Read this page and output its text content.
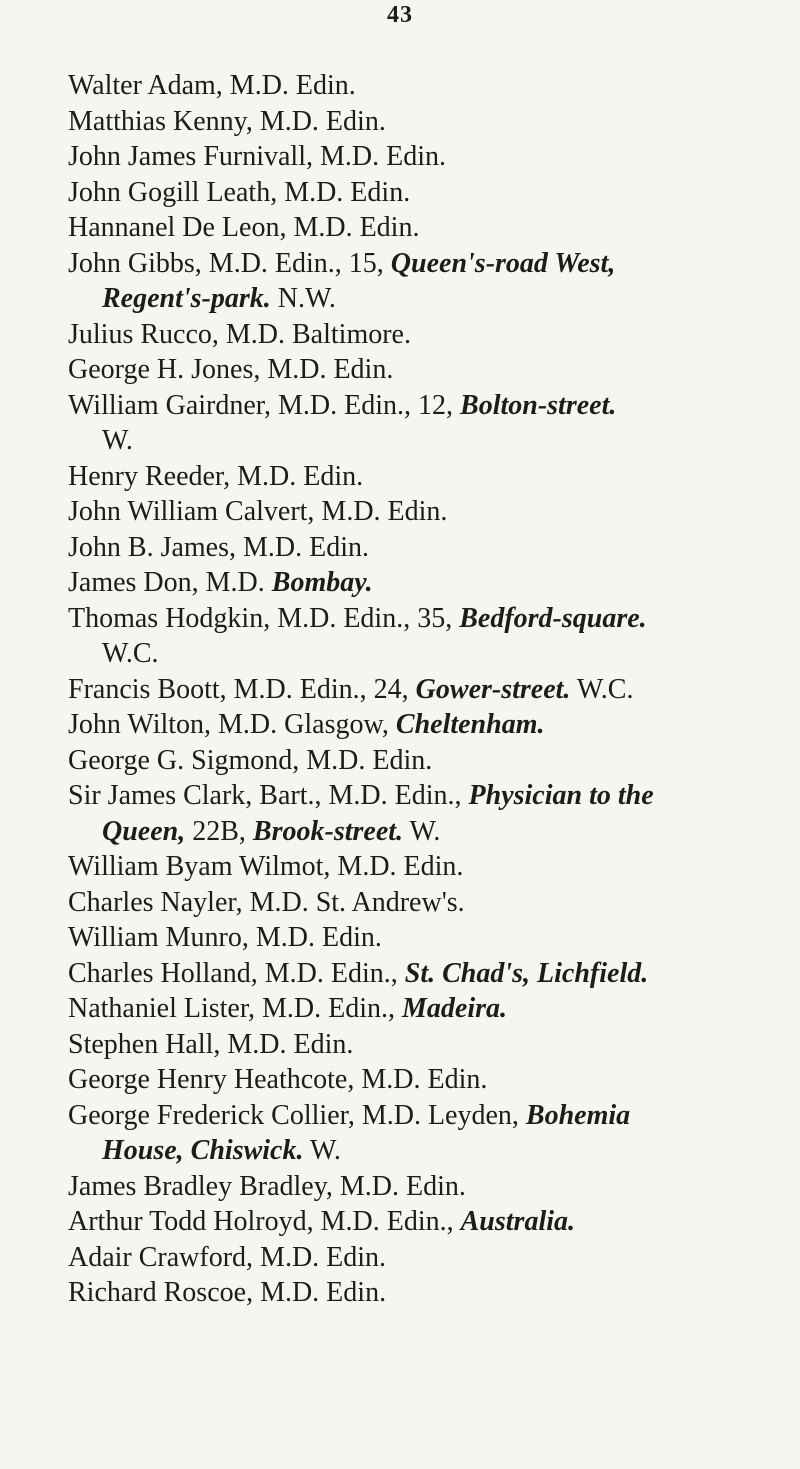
43
Walter Adam, M.D. Edin.
Matthias Kenny, M.D. Edin.
John James Furnivall, M.D. Edin.
John Gogill Leath, M.D. Edin.
Hannanel De Leon, M.D. Edin.
John Gibbs, M.D. Edin., 15, Queen's-road West,
Regent's-park. N.W.
Julius Rucco, M.D. Baltimore.
George H. Jones, M.D. Edin.
William Gairdner, M.D. Edin., 12, Bolton-street.
W.
Henry Reeder, M.D. Edin.
John William Calvert, M.D. Edin.
John B. James, M.D. Edin.
James Don, M.D. Bombay.
Thomas Hodgkin, M.D. Edin., 35, Bedford-square.
W.C.
Francis Boott, M.D. Edin., 24, Gower-street. W.C.
John Wilton, M.D. Glasgow, Cheltenham.
George G. Sigmond, M.D. Edin.
Sir James Clark, Bart., M.D. Edin., Physician to the
Queen, 22B, Brook-street. W.
William Byam Wilmot, M.D. Edin.
Charles Nayler, M.D. St. Andrew's.
William Munro, M.D. Edin.
Charles Holland, M.D. Edin., St. Chad's, Lichfield.
Nathaniel Lister, M.D. Edin., Madeira.
Stephen Hall, M.D. Edin.
George Henry Heathcote, M.D. Edin.
George Frederick Collier, M.D. Leyden, Bohemia
House, Chiswick. W.
James Bradley Bradley, M.D. Edin.
Arthur Todd Holroyd, M.D. Edin., Australia.
Adair Crawford, M.D. Edin.
Richard Roscoe, M.D. Edin.
